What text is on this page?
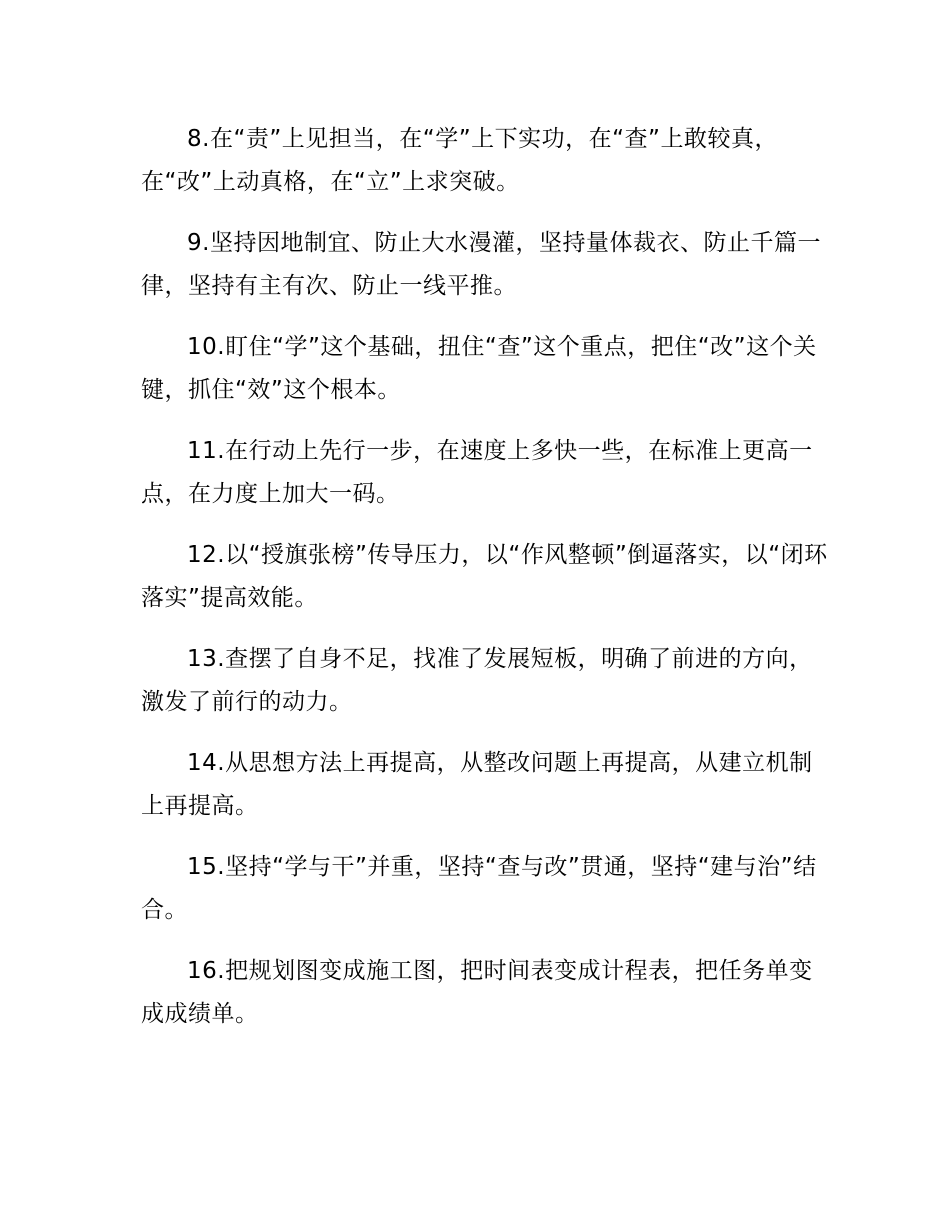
8.在“责”上见担当，在“学”上下实功，在“查”上敢较真，在“改”上动真格，在“立”上求突破。

9.坚持因地制宜、防止大水漫灌，坚持量体裁衣、防止千篇一律，坚持有主有次、防止一线平推。

10.盯住“学”这个基础，扭住“查”这个重点，把住“改”这个关键，抓住“效”这个根本。

11.在行动上先行一步，在速度上多快一些，在标准上更高一点，在力度上加大一码。

12.以“授旗张榜”传导压力，以“作风整顿”倒逼落实，以“闭环落实”提高效能。

13.查摆了自身不足，找准了发展短板，明确了前进的方向，激发了前行的动力。

14.从思想方法上再提高，从整改问题上再提高，从建立机制上再提高。

15.坚持“学与干”并重，坚持“查与改”贯通，坚持“建与治”结合。

16.把规划图变成施工图，把时间表变成计程表，把任务单变成成绩单。
